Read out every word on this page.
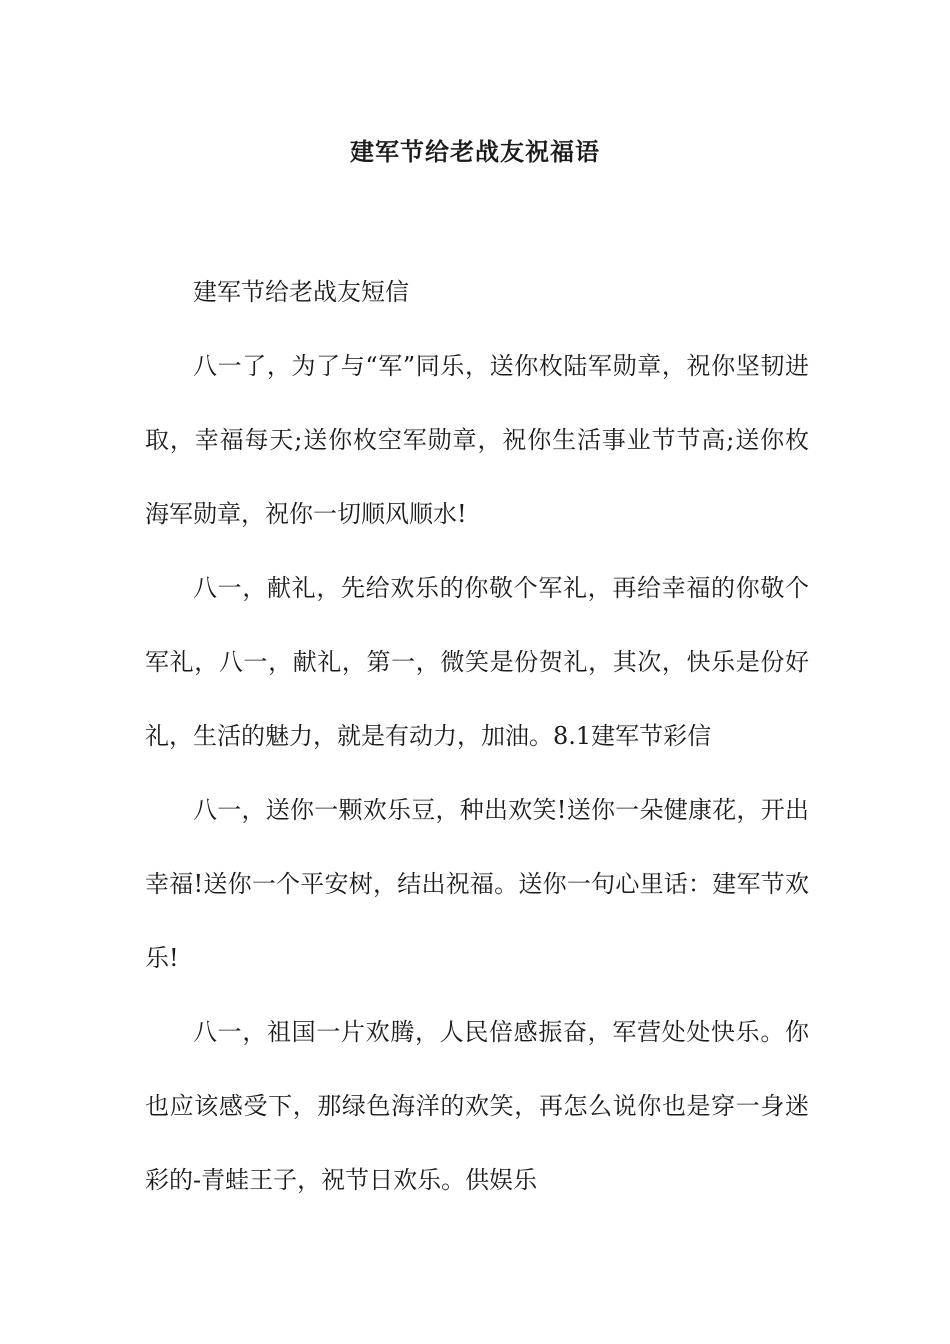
建军节给老战友祝福语

建军节给老战友短信

八一了，为了与“军”同乐，送你枚陆军勋章，祝你坚韧进取，幸福每天;送你枚空军勋章，祝你生活事业节节高;送你枚海军勋章，祝你一切顺风顺水!

八一，献礼，先给欢乐的你敬个军礼，再给幸福的你敬个军礼，八一，献礼，第一，微笑是份贺礼，其次，快乐是份好礼，生活的魅力，就是有动力，加油。8.1建军节彩信

八一，送你一颗欢乐豆，种出欢笑!送你一朵健康花，开出幸福!送你一个平安树，结出祝福。送你一句心里话：建军节欢乐!

八一，祖国一片欢腾，人民倍感振奋，军营处处快乐。你也应该感受下，那绿色海洋的欢笑，再怎么说你也是穿一身迷彩的-青蛙王子，祝节日欢乐。供娱乐
